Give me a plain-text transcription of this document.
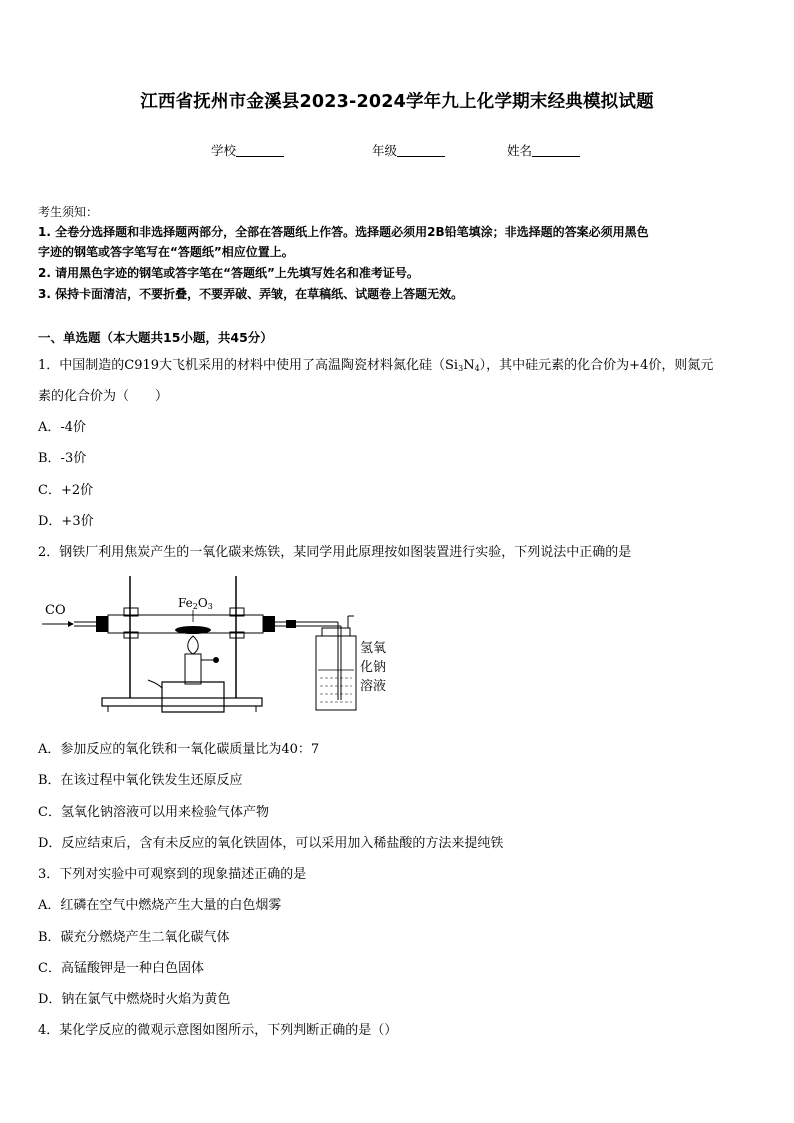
江西省抚州市金溪县2023-2024学年九上化学期末经典模拟试题
学校	年级	姓名
考生须知：
1. 全卷分选择题和非选择题两部分，全部在答题纸上作答。选择题必须用2B铅笔填涂；非选择题的答案必须用黑色
字迹的钢笔或答字笔写在“答题纸”相应位置上。
2. 请用黑色字迹的钢笔或答字笔在“答题纸”上先填写姓名和准考证号。
3. 保持卡面清洁，不要折叠，不要弄破、弄皱，在草稿纸、试题卷上答题无效。
一、单选题（本大题共15小题，共45分）
1．中国制造的C919大飞机采用的材料中使用了高温陶瓷材料氮化硅$(Si_3N_4)$，其中硅元素的化合价为+4价，则氮元
素的化合价为（　　）
A．-4价
B．-3价
C．+2价
D．+3价
2．钢铁厂利用焦炭产生的一氧化碳来炼铁，某同学用此原理按如图装置进行实验，下列说法中正确的是
CO
氢氧
化钠
溶液
Fe2O3
A．参加反应的氧化铁和一氧化碳质量比为40：7
B．在该过程中氧化铁发生还原反应
C．氢氧化钠溶液可以用来检验气体产物
D．反应结束后，含有未反应的氧化铁固体，可以采用加入稀盐酸的方法来提纯铁
3．下列对实验中可观察到的现象描述正确的是
A．红磷在空气中燃烧产生大量的白色烟雾
B．碳充分燃烧产生二氧化碳气体
C．高锰酸钾是一种白色固体
D．钠在氯气中燃烧时火焰为黄色
4．某化学反应的微观示意图如图所示，下列判断正确的是（）
